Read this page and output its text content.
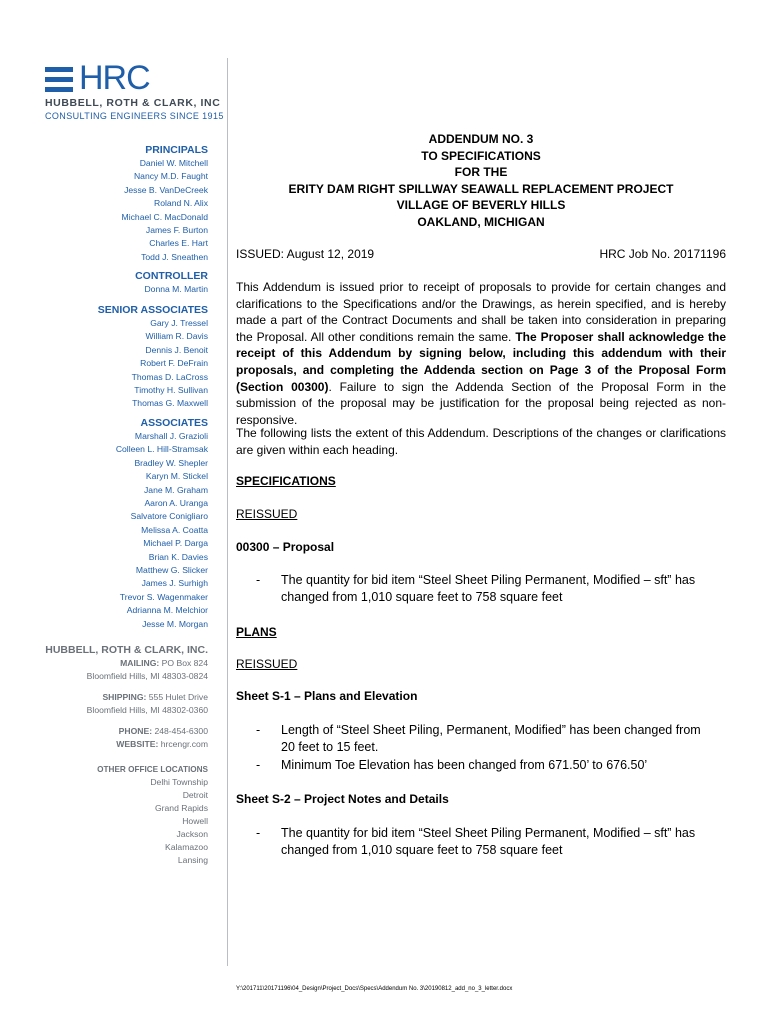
HRC
HUBBELL, ROTH & CLARK, INC
CONSULTING ENGINEERS SINCE 1915
PRINCIPALS
Daniel W. Mitchell
Nancy M.D. Faught
Jesse B. VanDeCreek
Roland N. Alix
Michael C. MacDonald
James F. Burton
Charles E. Hart
Todd J. Sneathen
CONTROLLER
Donna M. Martin
SENIOR ASSOCIATES
Gary J. Tressel
William R. Davis
Dennis J. Benoit
Robert F. DeFrain
Thomas D. LaCross
Timothy H. Sullivan
Thomas G. Maxwell
ASSOCIATES
Marshall J. Grazioli
Colleen L. Hill-Stramsak
Bradley W. Shepler
Karyn M. Stickel
Jane M. Graham
Aaron A. Uranga
Salvatore Conigliaro
Melissa A. Coatta
Michael P. Darga
Brian K. Davies
Matthew G. Slicker
James J. Surhigh
Trevor S. Wagenmaker
Adrianna M. Melchior
Jesse M. Morgan
HUBBELL, ROTH & CLARK, INC.
MAILING: PO Box 824
Bloomfield Hills, MI 48303-0824
SHIPPING: 555 Hulet Drive
Bloomfield Hills, MI 48302-0360
PHONE: 248-454-6300
WEBSITE: hrcengr.com
OTHER OFFICE LOCATIONS
Delhi Township
Detroit
Grand Rapids
Howell
Jackson
Kalamazoo
Lansing
ADDENDUM NO. 3
TO SPECIFICATIONS
FOR THE
ERITY DAM RIGHT SPILLWAY SEAWALL REPLACEMENT PROJECT
VILLAGE OF BEVERLY HILLS
OAKLAND, MICHIGAN
ISSUED: August 12, 2019	HRC Job No. 20171196
This Addendum is issued prior to receipt of proposals to provide for certain changes and clarifications to the Specifications and/or the Drawings, as herein specified, and is hereby made a part of the Contract Documents and shall be taken into consideration in preparing the Proposal. All other conditions remain the same. The Proposer shall acknowledge the receipt of this Addendum by signing below, including this addendum with their proposals, and completing the Addenda section on Page 3 of the Proposal Form (Section 00300). Failure to sign the Addenda Section of the Proposal Form in the submission of the proposal may be justification for the proposal being rejected as non-responsive.
The following lists the extent of this Addendum. Descriptions of the changes or clarifications are given within each heading.
SPECIFICATIONS
REISSUED
00300 – Proposal
- The quantity for bid item “Steel Sheet Piling Permanent, Modified – sft” has changed from 1,010 square feet to 758 square feet
PLANS
REISSUED
Sheet S-1 – Plans and Elevation
- Length of “Steel Sheet Piling, Permanent, Modified” has been changed from 20 feet to 15 feet.
- Minimum Toe Elevation has been changed from 671.50’ to 676.50’
Sheet S-2 – Project Notes and Details
- The quantity for bid item “Steel Sheet Piling Permanent, Modified – sft” has changed from 1,010 square feet to 758 square feet
Y:\201711\20171196\04_Design\Project_Docs\Specs\Addendum No. 3\20190812_add_no_3_letter.docx
